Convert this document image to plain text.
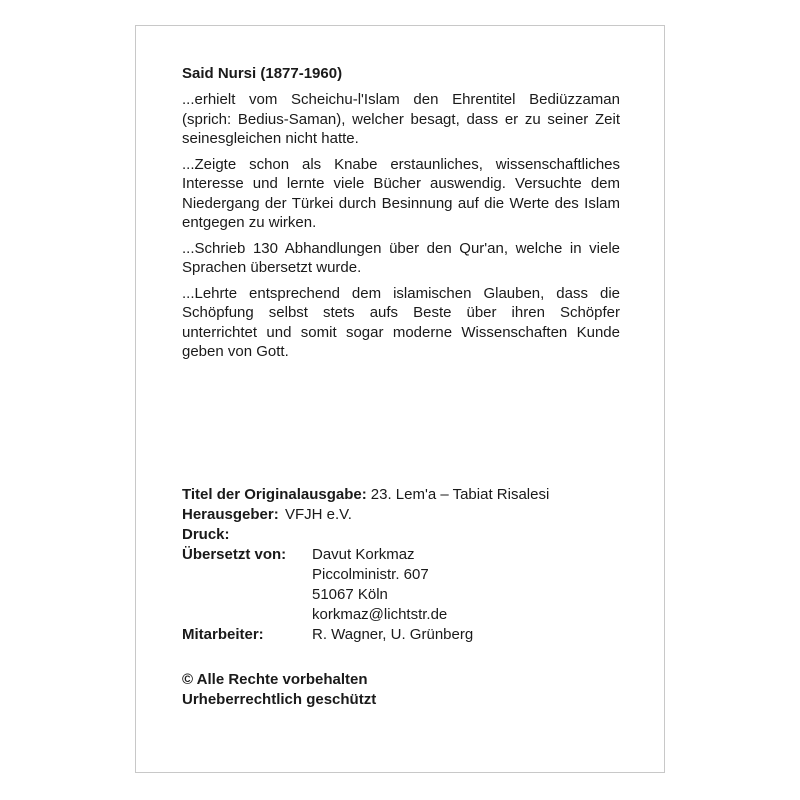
Said Nursi (1877-1960)

...erhielt vom Scheichu-l'Islam den Ehrentitel Bediüzzaman (sprich: Bedius-Saman), welcher besagt, dass er zu seiner Zeit seinesgleichen nicht hatte.

...Zeigte schon als Knabe erstaunliches, wissenschaftliches Interesse und lernte viele Bücher auswendig. Versuchte dem Niedergang der Türkei durch Besinnung auf die Werte des Islam entgegen zu wirken.

...Schrieb 130 Abhandlungen über den Qur'an, welche in viele Sprachen übersetzt wurde.

...Lehrte entsprechend dem islamischen Glauben, dass die Schöpfung selbst stets aufs Beste über ihren Schöpfer unterrichtet und somit sogar moderne Wissenschaften Kunde geben von Gott.

Titel der Originalausgabe: 23. Lem'a – Tabiat Risalesi
Herausgeber: VFJH e.V.
Druck:
Übersetzt von:	Davut Korkmaz
Piccolministr. 607
51067 Köln
korkmaz@lichtstr.de
Mitarbeiter:	R. Wagner, U. Grünberg
© Alle Rechte vorbehalten
Urheberrechtlich geschützt
